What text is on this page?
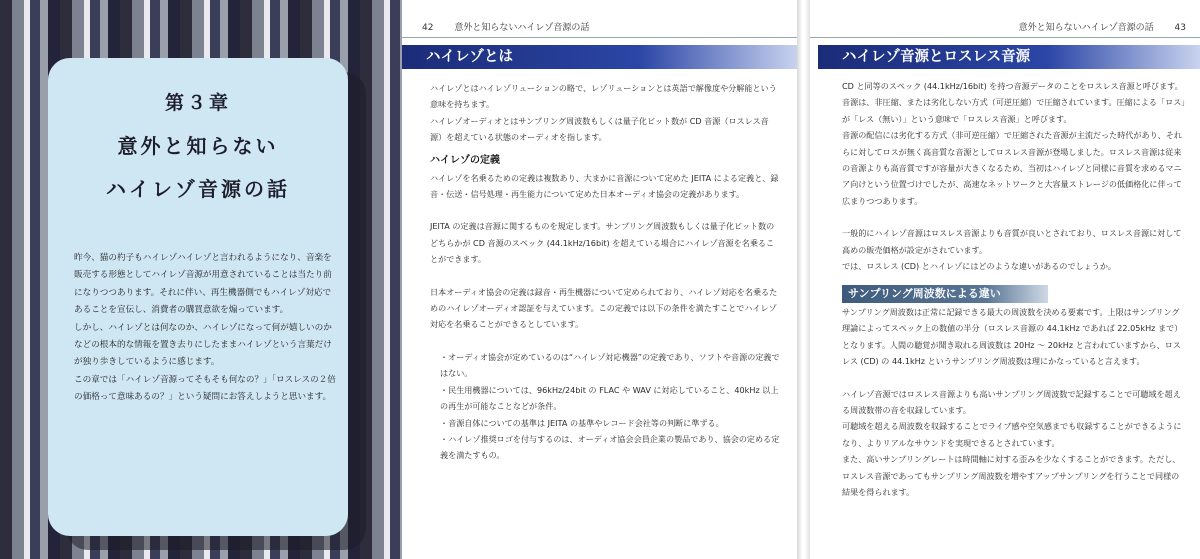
第３章
意外と知らない
ハイレゾ音源の話

昨今、猫の杓子もハイレゾハイレゾと言われるようになり、音楽を販売する形態としてハイレゾ音源が用意されていることは当たり前になりつつあります。それに伴い、再生機器側でもハイレゾ対応であることを宣伝し、消費者の購買意欲を煽っています。

しかし、ハイレゾとは何なのか、ハイレゾになって何が嬉しいのかなどの根本的な情報を置き去りにしたままハイレゾという言葉だけが独り歩きしているように感じます。

この章では「ハイレゾ音源ってそもそも何なの？」「ロスレスの２倍の価格って意味あるの？」という疑問にお答えしようと思います。

42 意外と知らないハイレゾ音源の話
ハイレゾとは

ハイレゾとはハイレゾリューションの略で、レゾリューションとは英語で解像度や分解能という意味を持ちます。

ハイレゾオーディオとはサンプリング周波数もしくは量子化ビット数が CD 音源（ロスレス音源）を超えている状態のオーディオを指します。

ハイレゾの定義

ハイレゾを名乗るための定義は複数あり、大まかに音源について定めた JEITA による定義と、録音・伝送・信号処理・再生能力について定めた日本オーディオ協会の定義があります。

JEITA の定義は音源に関するものを規定します。サンプリング周波数もしくは量子化ビット数のどちらかが CD 音源のスペック (44.1kHz/16bit) を超えている場合にハイレゾ音源を名乗ることができます。

日本オーディオ協会の定義は録音・再生機器について定められており、ハイレゾ対応を名乗るためのハイレゾオーディオ認証を与えています。この定義では以下の条件を満たすことでハイレゾ対応を名乗ることができるとしています。

・オーディオ協会が定めているのは“ハイレゾ対応機器”の定義であり、ソフトや音源の定義ではない。
・民生用機器については、96kHz/24bit の FLAC や WAV に対応していること、40kHz 以上の再生が可能なことなどが条件。
・音源自体についての基準は JEITA の基準やレコード会社等の判断に準ずる。
・ハイレゾ推奨ロゴを付与するのは、オーディオ協会会員企業の製品であり、協会の定める定義を満たすもの。
意外と知らないハイレゾ音源の話 43
ハイレゾ音源とロスレス音源

CD と同等のスペック (44.1kHz/16bit) を持つ音源データのことをロスレス音源と呼びます。音源は、非圧縮、または劣化しない方式（可逆圧縮）で圧縮されています。圧縮による「ロス」が「レス（無い）」という意味で「ロスレス音源」と呼びます。

音源の配信には劣化する方式（非可逆圧縮）で圧縮された音源が主流だった時代があり、それらに対してロスが無く高音質な音源としてロスレス音源が登場しました。ロスレス音源は従来の音源よりも高音質ですが容量が大きくなるため、当初はハイレゾと同様に音質を求めるマニア向けという位置づけでしたが、高速なネットワークと大容量ストレージの低価格化に伴って広まりつつあります。

一般的にハイレゾ音源はロスレス音源よりも音質が良いとされており、ロスレス音源に対して高めの販売価格が設定がされています。

では、ロスレス (CD) とハイレゾにはどのような違いがあるのでしょうか。

サンプリング周波数による違い

サンプリング周波数は正常に記録できる最大の周波数を決める要素です。上限はサンプリング理論によってスペック上の数値の半分（ロスレス音源の 44.1kHz であれば 22.05kHz まで）となります。人間の聴覚が聞き取れる周波数は 20Hz 〜 20kHz と言われていますから、ロスレス (CD) の 44.1kHz というサンプリング周波数は理にかなっていると言えます。

ハイレゾ音源ではロスレス音源よりも高いサンプリング周波数で記録することで可聴域を超える周波数帯の音を収録しています。

可聴域を超える周波数を収録することでライブ感や空気感までも収録することができるようになり、よりリアルなサウンドを実現できるとされています。

また、高いサンプリングレートは時間軸に対する歪みを少なくすることができます。ただし、ロスレス音源であってもサンプリング周波数を増やすアップサンプリングを行うことで同様の結果を得られます。
